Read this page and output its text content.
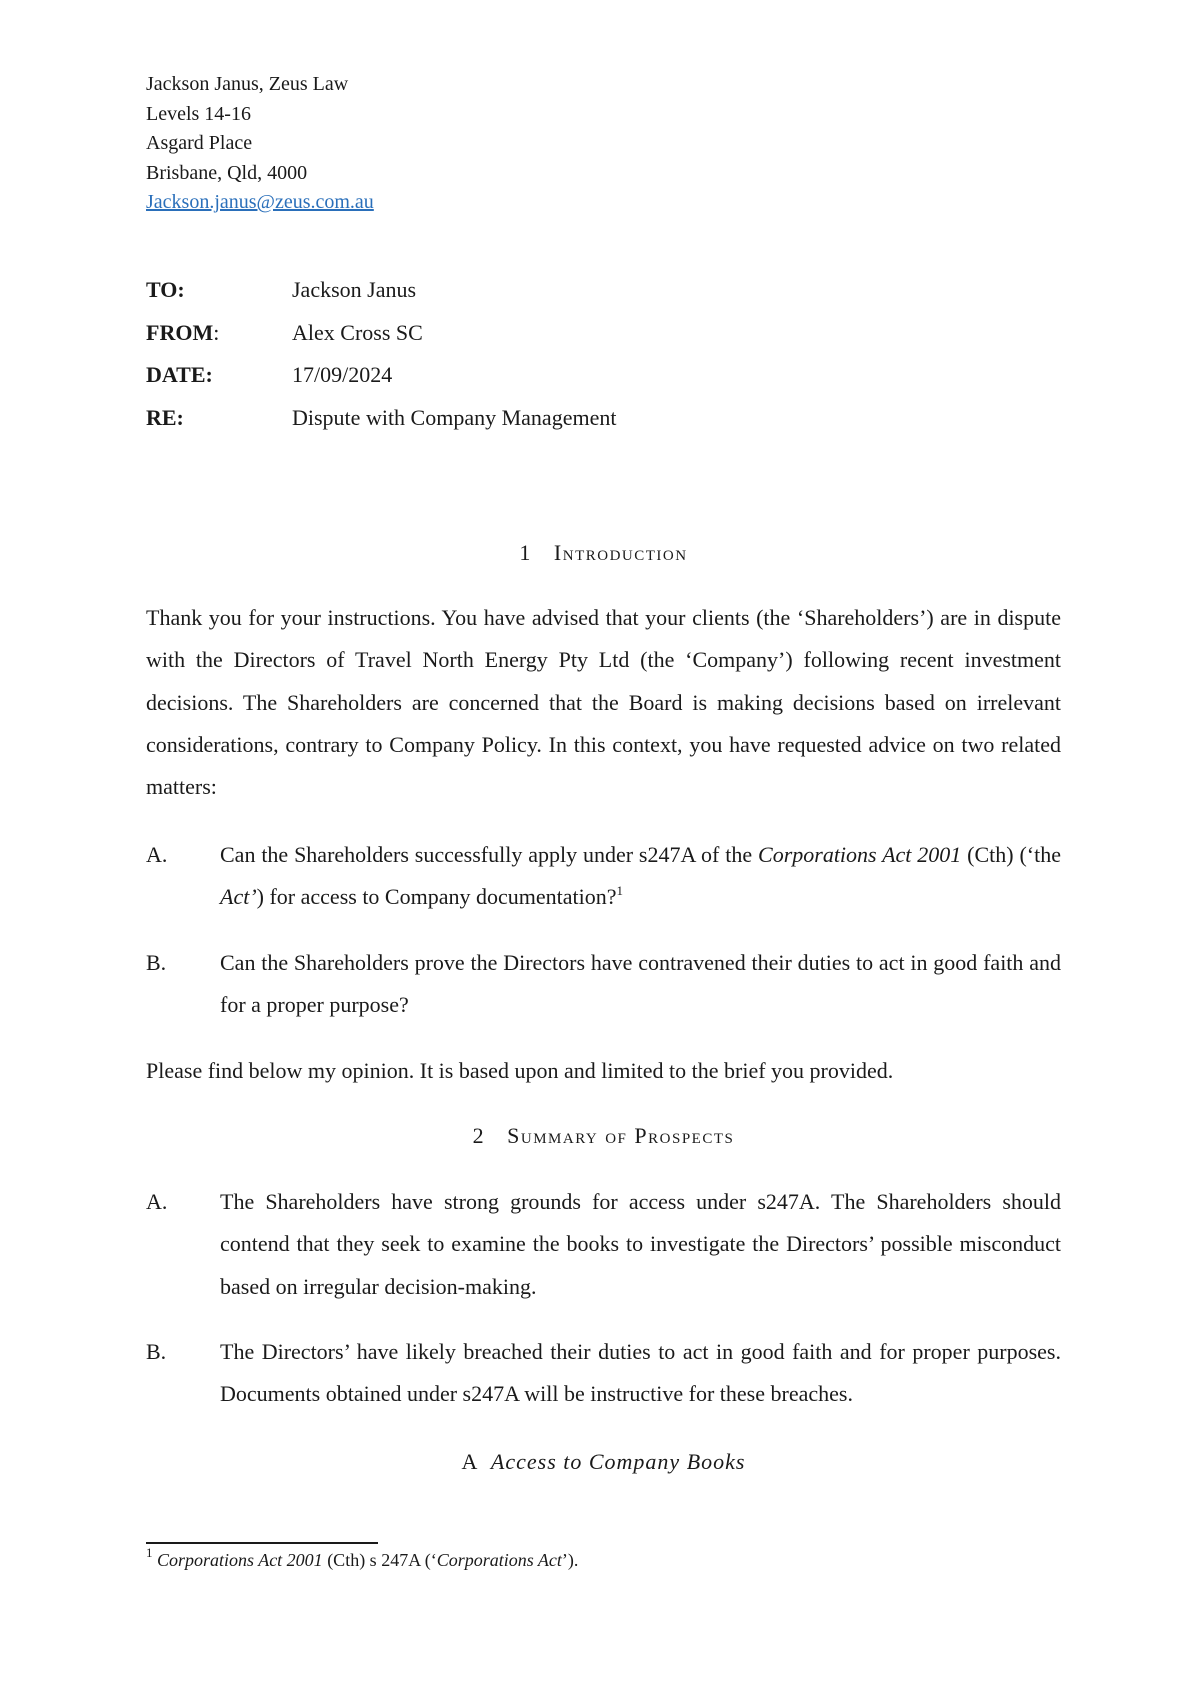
Jackson Janus, Zeus Law
Levels 14-16
Asgard Place
Brisbane, Qld, 4000
Jackson.janus@zeus.com.au
TO:	Jackson Janus
FROM:	Alex Cross SC
DATE:	17/09/2024
RE:	Dispute with Company Management
1 Introduction
Thank you for your instructions. You have advised that your clients (the ‘Shareholders’) are in dispute with the Directors of Travel North Energy Pty Ltd (the ‘Company’) following recent investment decisions. The Shareholders are concerned that the Board is making decisions based on irrelevant considerations, contrary to Company Policy. In this context, you have requested advice on two related matters:
A.	Can the Shareholders successfully apply under s247A of the Corporations Act 2001 (Cth) (‘the Act’) for access to Company documentation?$^1$
B.	Can the Shareholders prove the Directors have contravened their duties to act in good faith and for a proper purpose?
Please find below my opinion. It is based upon and limited to the brief you provided.
2 Summary of Prospects
A.	The Shareholders have strong grounds for access under s247A. The Shareholders should contend that they seek to examine the books to investigate the Directors’ possible misconduct based on irregular decision-making.
B.	The Directors’ have likely breached their duties to act in good faith and for proper purposes. Documents obtained under s247A will be instructive for these breaches.
A Access to Company Books
$^1$ Corporations Act 2001 (Cth) s 247A (‘Corporations Act’).
